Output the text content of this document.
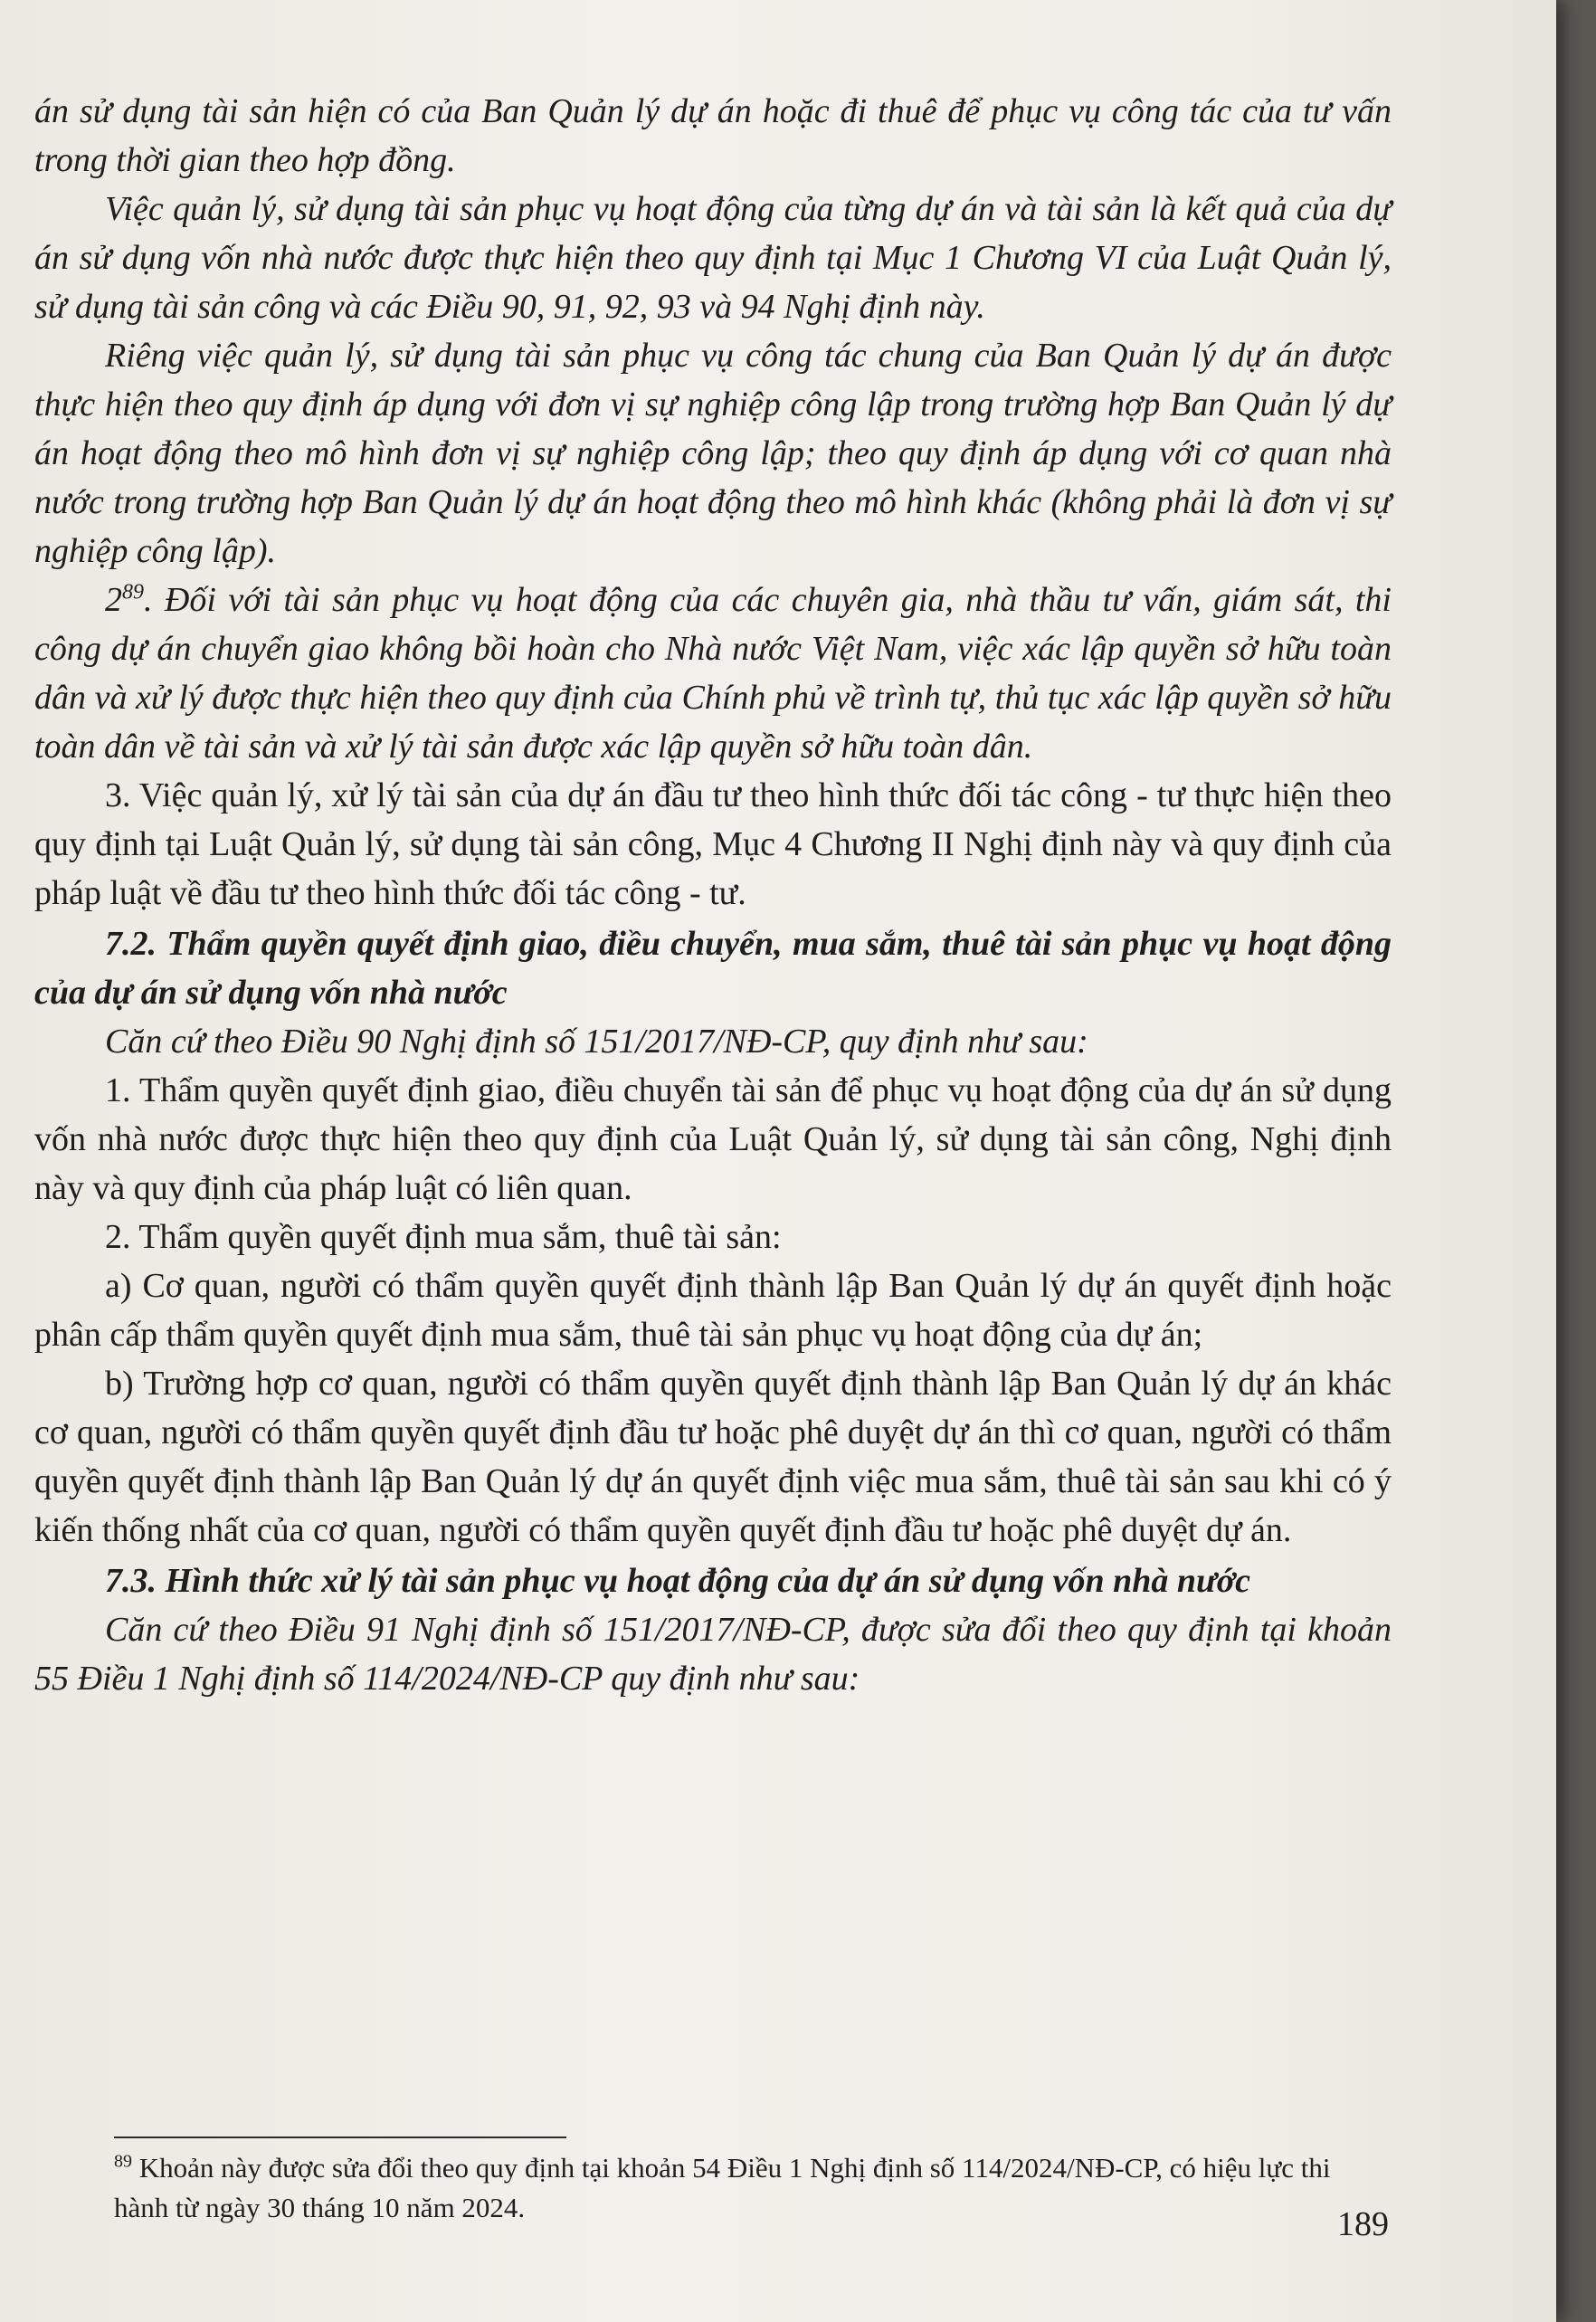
án sử dụng tài sản hiện có của Ban Quản lý dự án hoặc đi thuê để phục vụ công tác của tư vấn trong thời gian theo hợp đồng.

Việc quản lý, sử dụng tài sản phục vụ hoạt động của từng dự án và tài sản là kết quả của dự án sử dụng vốn nhà nước được thực hiện theo quy định tại Mục 1 Chương VI của Luật Quản lý, sử dụng tài sản công và các Điều 90, 91, 92, 93 và 94 Nghị định này.

Riêng việc quản lý, sử dụng tài sản phục vụ công tác chung của Ban Quản lý dự án được thực hiện theo quy định áp dụng với đơn vị sự nghiệp công lập trong trường hợp Ban Quản lý dự án hoạt động theo mô hình đơn vị sự nghiệp công lập; theo quy định áp dụng với cơ quan nhà nước trong trường hợp Ban Quản lý dự án hoạt động theo mô hình khác (không phải là đơn vị sự nghiệp công lập).

$2^{89}$. Đối với tài sản phục vụ hoạt động của các chuyên gia, nhà thầu tư vấn, giám sát, thi công dự án chuyển giao không bồi hoàn cho Nhà nước Việt Nam, việc xác lập quyền sở hữu toàn dân và xử lý được thực hiện theo quy định của Chính phủ về trình tự, thủ tục xác lập quyền sở hữu toàn dân về tài sản và xử lý tài sản được xác lập quyền sở hữu toàn dân.

3. Việc quản lý, xử lý tài sản của dự án đầu tư theo hình thức đối tác công - tư thực hiện theo quy định tại Luật Quản lý, sử dụng tài sản công, Mục 4 Chương II Nghị định này và quy định của pháp luật về đầu tư theo hình thức đối tác công - tư.

7.2. Thẩm quyền quyết định giao, điều chuyển, mua sắm, thuê tài sản phục vụ hoạt động của dự án sử dụng vốn nhà nước

Căn cứ theo Điều 90 Nghị định số 151/2017/NĐ-CP, quy định như sau:

1. Thẩm quyền quyết định giao, điều chuyển tài sản để phục vụ hoạt động của dự án sử dụng vốn nhà nước được thực hiện theo quy định của Luật Quản lý, sử dụng tài sản công, Nghị định này và quy định của pháp luật có liên quan.

2. Thẩm quyền quyết định mua sắm, thuê tài sản:

a) Cơ quan, người có thẩm quyền quyết định thành lập Ban Quản lý dự án quyết định hoặc phân cấp thẩm quyền quyết định mua sắm, thuê tài sản phục vụ hoạt động của dự án;

b) Trường hợp cơ quan, người có thẩm quyền quyết định thành lập Ban Quản lý dự án khác cơ quan, người có thẩm quyền quyết định đầu tư hoặc phê duyệt dự án thì cơ quan, người có thẩm quyền quyết định thành lập Ban Quản lý dự án quyết định việc mua sắm, thuê tài sản sau khi có ý kiến thống nhất của cơ quan, người có thẩm quyền quyết định đầu tư hoặc phê duyệt dự án.

7.3. Hình thức xử lý tài sản phục vụ hoạt động của dự án sử dụng vốn nhà nước

Căn cứ theo Điều 91 Nghị định số 151/2017/NĐ-CP, được sửa đổi theo quy định tại khoản 55 Điều 1 Nghị định số 114/2024/NĐ-CP quy định như sau:

$^{89}$ Khoản này được sửa đổi theo quy định tại khoản 54 Điều 1 Nghị định số 114/2024/NĐ-CP, có hiệu lực thi hành từ ngày 30 tháng 10 năm 2024.	189
